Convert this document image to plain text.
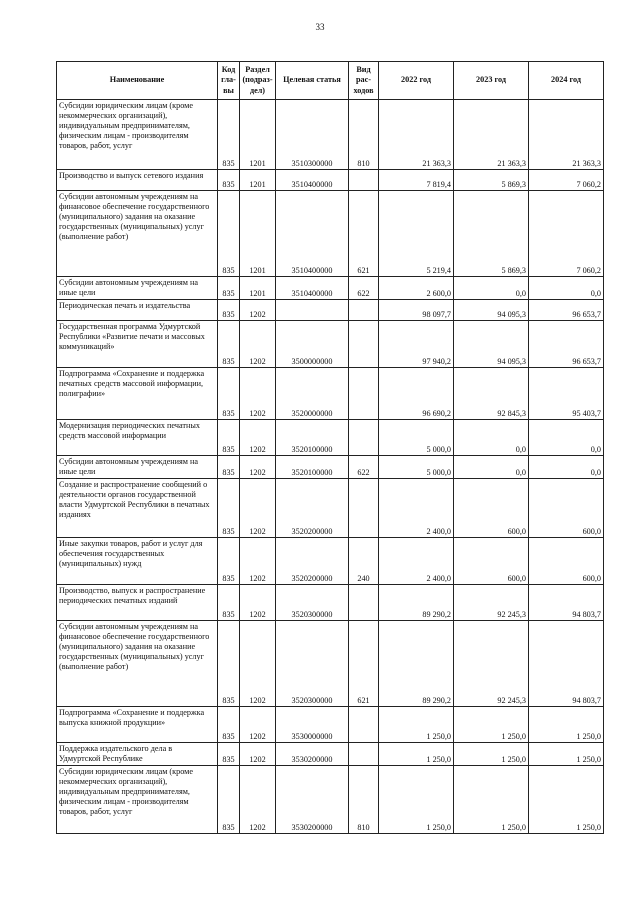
33
Наименование	Код гла- вы	Раздел (подраз- дел)	Целевая статья	Вид рас- ходов	2022 год	2023 год	2024 год
Субсидии юридическим лицам (кроме некоммерческих организаций), индивидуальным предпринимателям, физическим лицам - производителям товаров, работ, услуг	835	1201	3510300000	810	21 363,3	21 363,3	21 363,3
Производство и выпуск сетевого издания	835	1201	3510400000		7 819,4	5 869,3	7 060,2
Субсидии автономным учреждениям на финансовое обеспечение государственного (муниципального) задания на оказание государственных (муниципальных) услуг (выполнение работ)	835	1201	3510400000	621	5 219,4	5 869,3	7 060,2
Субсидии автономным учреждениям на иные цели	835	1201	3510400000	622	2 600,0	0,0	0,0
Периодическая печать и издательства	835	1202			98 097,7	94 095,3	96 653,7
Государственная программа Удмуртской Республики «Развитие печати и массовых коммуникаций»	835	1202	3500000000		97 940,2	94 095,3	96 653,7
Подпрограмма «Сохранение и поддержка печатных средств массовой информации, полиграфии»	835	1202	3520000000		96 690,2	92 845,3	95 403,7
Модернизация периодических печатных средств массовой информации	835	1202	3520100000		5 000,0	0,0	0,0
Субсидии автономным учреждениям на иные цели	835	1202	3520100000	622	5 000,0	0,0	0,0
Создание и распространение сообщений о деятельности органов государственной власти Удмуртской Республики в печатных изданиях	835	1202	3520200000		2 400,0	600,0	600,0
Иные закупки товаров, работ и услуг для обеспечения государственных (муниципальных) нужд	835	1202	3520200000	240	2 400,0	600,0	600,0
Производство, выпуск и распространение периодических печатных изданий	835	1202	3520300000		89 290,2	92 245,3	94 803,7
Субсидии автономным учреждениям на финансовое обеспечение государственного (муниципального) задания на оказание государственных (муниципальных) услуг (выполнение работ)	835	1202	3520300000	621	89 290,2	92 245,3	94 803,7
Подпрограмма «Сохранение и поддержка выпуска книжной продукции»	835	1202	3530000000		1 250,0	1 250,0	1 250,0
Поддержка издательского дела в Удмуртской Республике	835	1202	3530200000		1 250,0	1 250,0	1 250,0
Субсидии юридическим лицам (кроме некоммерческих организаций), индивидуальным предпринимателям, физическим лицам - производителям товаров, работ, услуг	835	1202	3530200000	810	1 250,0	1 250,0	1 250,0
